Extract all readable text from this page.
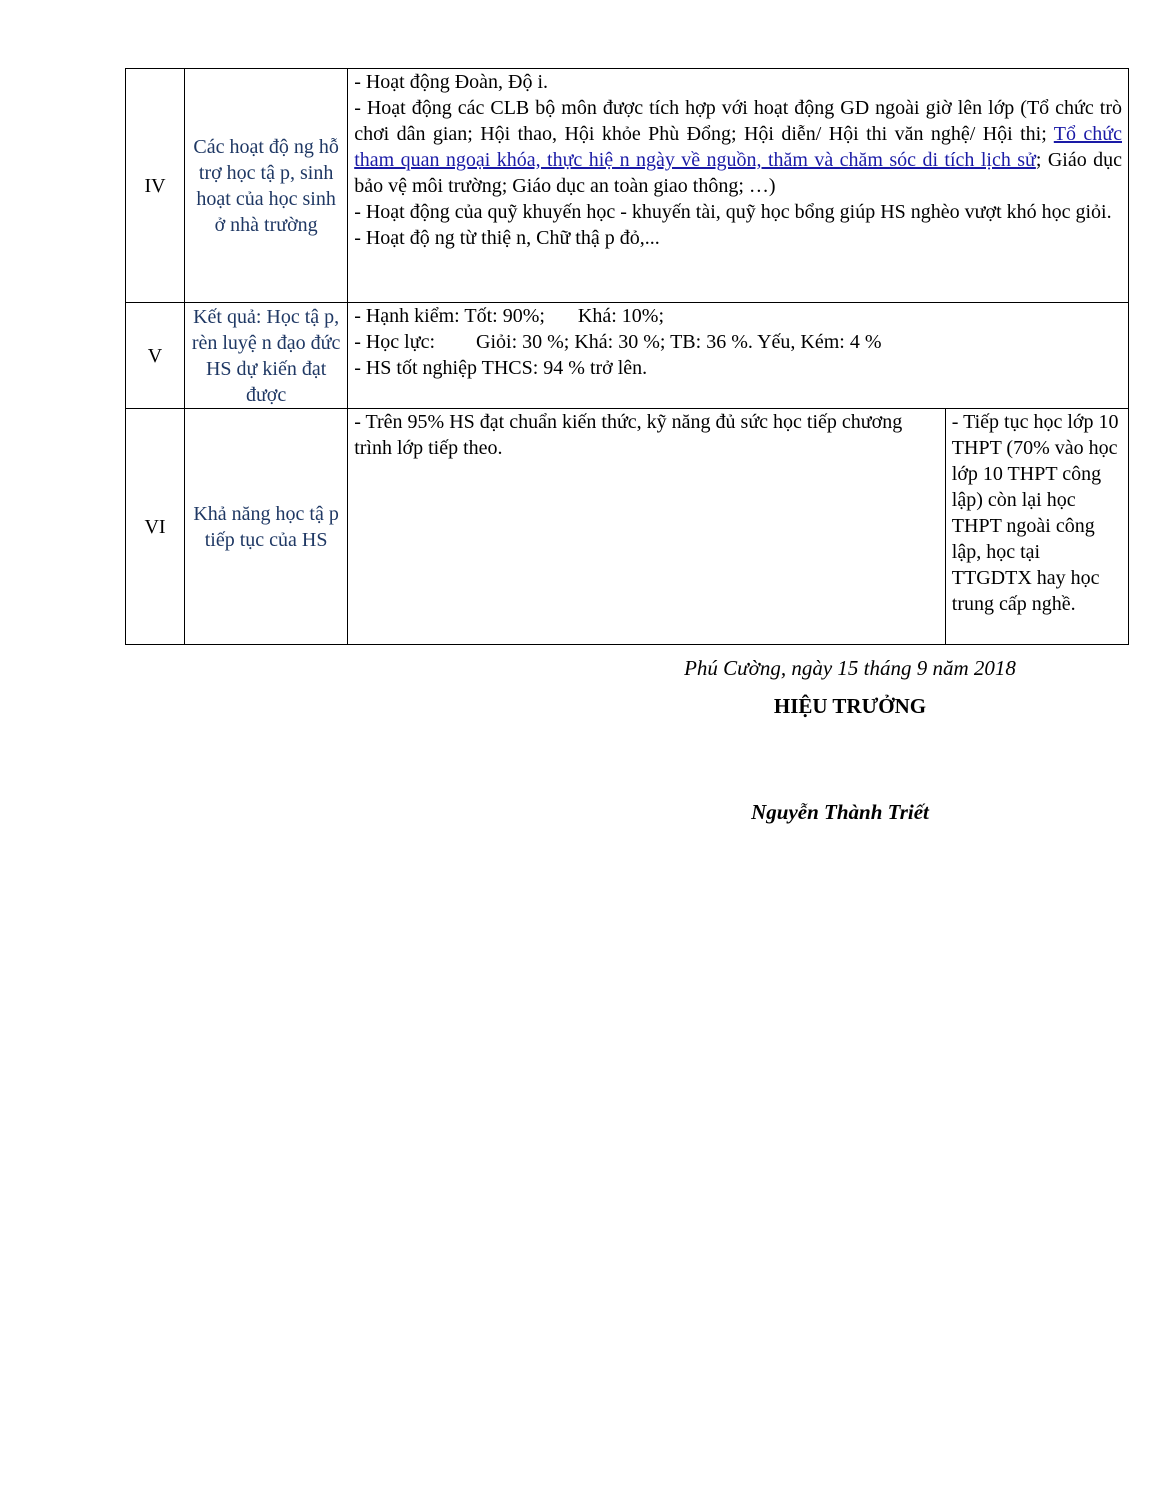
IV	Các hoạt độ ng hỗ trợ học tậ p, sinh hoạt của học sinh ở nhà trường	- Hoạt động Đoàn, Độ i.
- Hoạt động các CLB bộ môn được tích hợp với hoạt động GD ngoài giờ lên lớp (Tổ chức trò chơi dân gian; Hội thao, Hội khỏe Phù Đổng; Hội diễn/ Hội thi văn nghệ/ Hội thi; Tổ chức tham quan ngoại khóa, thực hiệ n ngày về nguồn, thăm và chăm sóc di tích lịch sử; Giáo dục bảo vệ môi trường; Giáo dục an toàn giao thông; …)
- Hoạt động của quỹ khuyến học - khuyến tài, quỹ học bổng giúp HS nghèo vượt khó học giỏi.
- Hoạt độ ng từ thiệ n, Chữ thậ p đỏ,...	

V	Kết quả: Học tậ p, rèn luyệ n đạo đức HS dự kiến đạt được	- Hạnh kiểm: Tốt: 90%; Khá: 10%;
- Học lực: Giỏi: 30 %; Khá: 30 %; TB: 36 %. Yếu, Kém: 4 %
- HS tốt nghiệp THCS: 94 % trở lên.	

VI	Khả năng học tậ p tiếp tục của HS	- Trên 95% HS đạt chuẩn kiến thức, kỹ năng đủ sức học tiếp chương trình lớp tiếp theo.	- Tiếp tục học lớp 10 THPT (70% vào học lớp 10 THPT công lập) còn lại học THPT ngoài công lập, học tại TTGDTX hay học trung cấp nghề.
Phú Cường, ngày 15 tháng 9 năm 2018
HIỆU TRƯỞNG
Nguyễn Thành Triết
